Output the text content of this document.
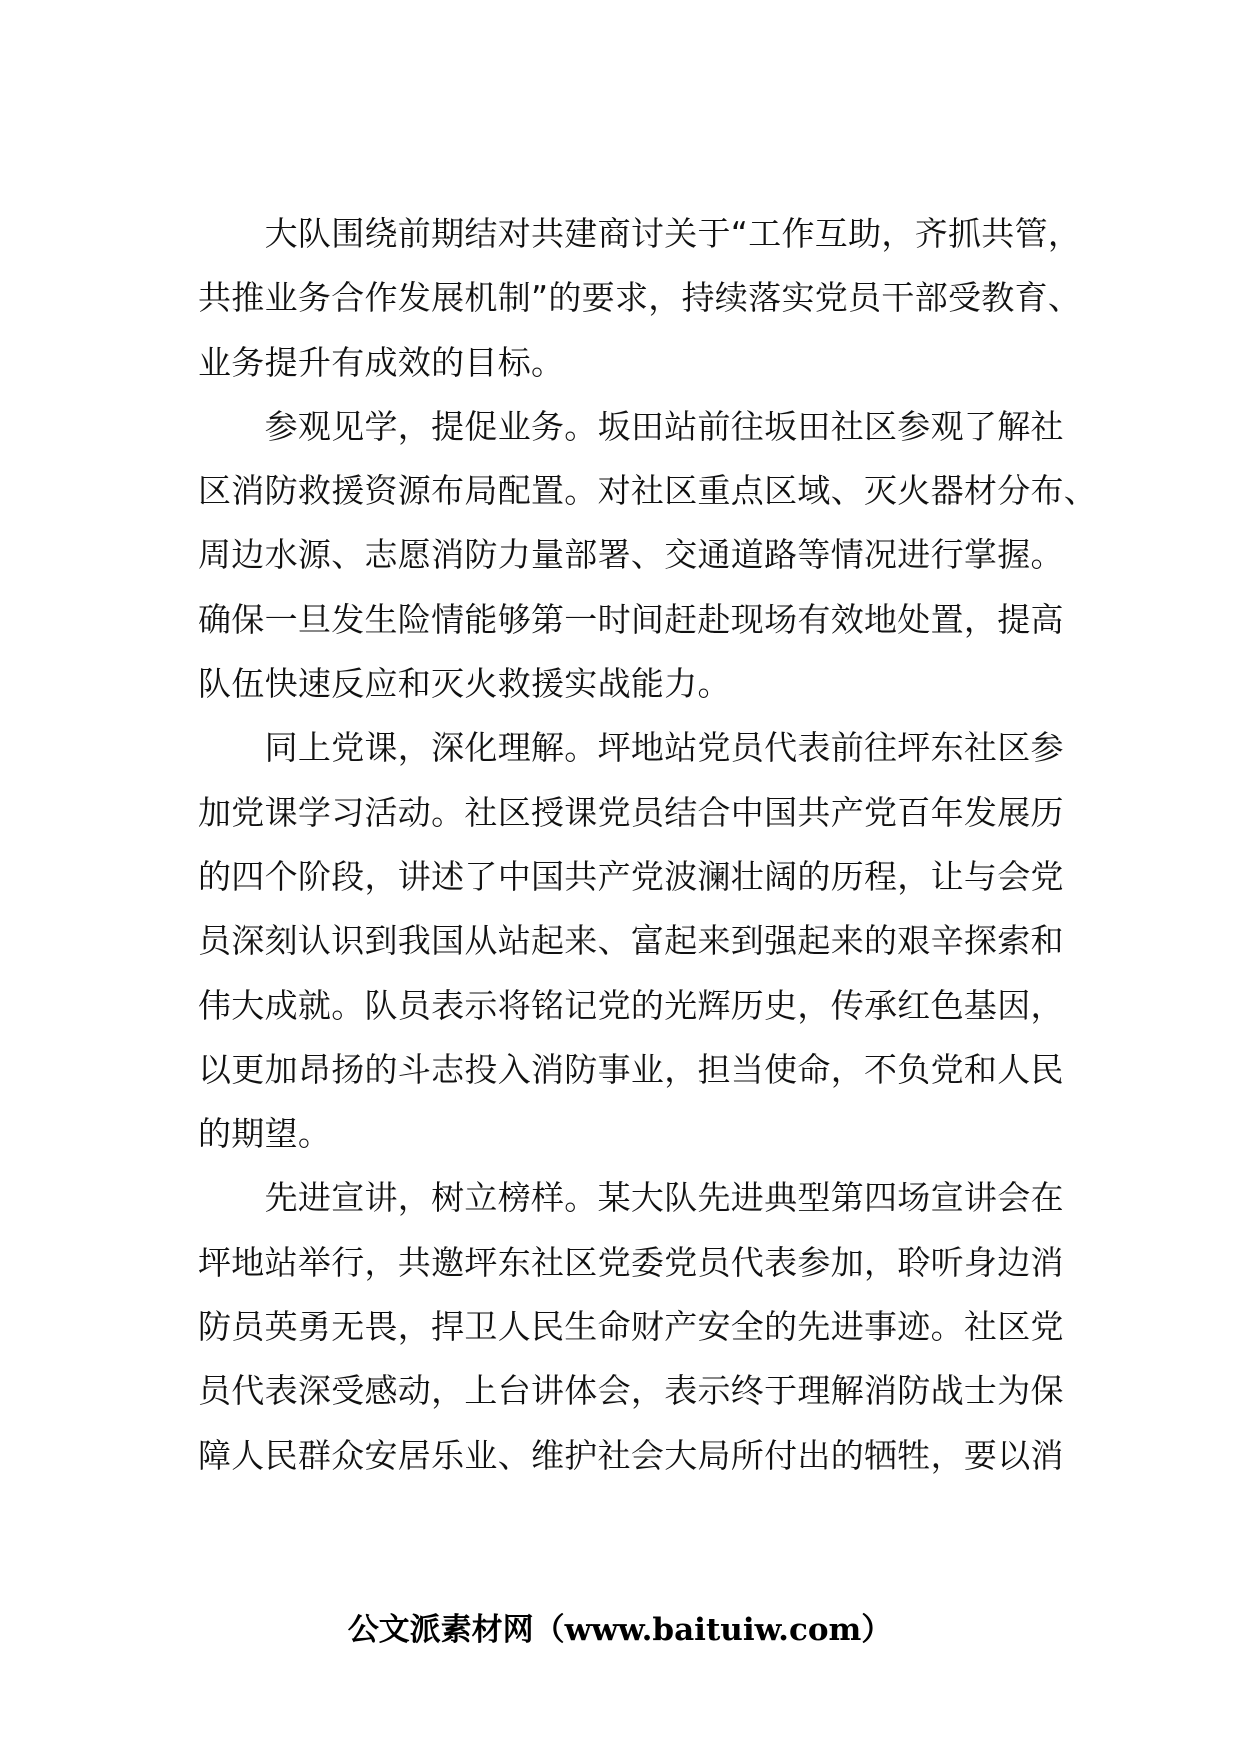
　　大队围绕前期结对共建商讨关于“工作互助，齐抓共管，
共推业务合作发展机制”的要求，持续落实党员干部受教育、
业务提升有成效的目标。
　　参观见学，提促业务。坂田站前往坂田社区参观了解社
区消防救援资源布局配置。对社区重点区域、灭火器材分布、
周边水源、志愿消防力量部署、交通道路等情况进行掌握。
确保一旦发生险情能够第一时间赶赴现场有效地处置，提高
队伍快速反应和灭火救援实战能力。
　　同上党课，深化理解。坪地站党员代表前往坪东社区参
加党课学习活动。社区授课党员结合中国共产党百年发展历
的四个阶段，讲述了中国共产党波澜壮阔的历程，让与会党
员深刻认识到我国从站起来、富起来到强起来的艰辛探索和
伟大成就。队员表示将铭记党的光辉历史，传承红色基因，
以更加昂扬的斗志投入消防事业，担当使命，不负党和人民
的期望。
　　先进宣讲，树立榜样。某大队先进典型第四场宣讲会在
坪地站举行，共邀坪东社区党委党员代表参加，聆听身边消
防员英勇无畏，捍卫人民生命财产安全的先进事迹。社区党
员代表深受感动，上台讲体会，表示终于理解消防战士为保
障人民群众安居乐业、维护社会大局所付出的牺牲，要以消
公文派素材网（www.baituiw.com）
